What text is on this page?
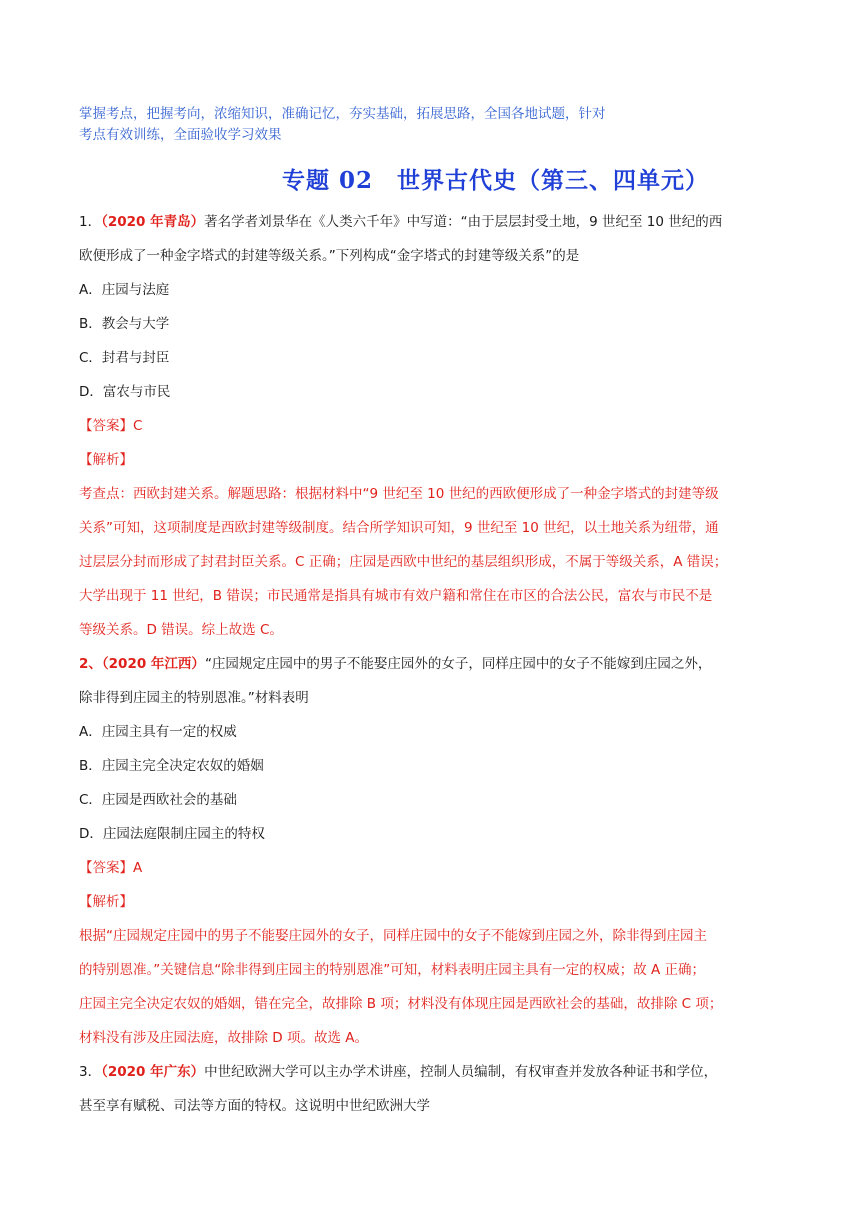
掌握考点，把握考向，浓缩知识，准确记忆，夯实基础，拓展思路，全国各地试题，针对
考点有效训练，全面验收学习效果
专题 02　世界古代史（第三、四单元）
1．（2020 年青岛）著名学者刘景华在《人类六千年》中写道：“由于层层封受土地，9 世纪至 10 世纪的西
欧便形成了一种金字塔式的封建等级关系。”下列构成“金字塔式的封建等级关系”的是
A．庄园与法庭
B．教会与大学
C．封君与封臣
D．富农与市民
【答案】C
【解析】
考查点：西欧封建关系。解题思路：根据材料中“9 世纪至 10 世纪的西欧便形成了一种金字塔式的封建等级
关系”可知，这项制度是西欧封建等级制度。结合所学知识可知，9 世纪至 10 世纪，以土地关系为纽带，通
过层层分封而形成了封君封臣关系。C 正确；庄园是西欧中世纪的基层组织形成，不属于等级关系，A 错误；
大学出现于 11 世纪，B 错误；市民通常是指具有城市有效户籍和常住在市区的合法公民，富农与市民不是
等级关系。D 错误。综上故选 C。
2、（2020 年江西）“庄园规定庄园中的男子不能娶庄园外的女子，同样庄园中的女子不能嫁到庄园之外，
除非得到庄园主的特别恩准。”材料表明
A．庄园主具有一定的权威
B．庄园主完全决定农奴的婚姻
C．庄园是西欧社会的基础
D．庄园法庭限制庄园主的特权
【答案】A
【解析】
根据“庄园规定庄园中的男子不能娶庄园外的女子，同样庄园中的女子不能嫁到庄园之外，除非得到庄园主
的特别恩准。”关键信息“除非得到庄园主的特别恩准”可知，材料表明庄园主具有一定的权威；故 A 正确；
庄园主完全决定农奴的婚姻，错在完全，故排除 B 项；材料没有体现庄园是西欧社会的基础，故排除 C 项；
材料没有涉及庄园法庭，故排除 D 项。故选 A。
3．（2020 年广东）中世纪欧洲大学可以主办学术讲座，控制人员编制，有权审查并发放各种证书和学位，
甚至享有赋税、司法等方面的特权。这说明中世纪欧洲大学
